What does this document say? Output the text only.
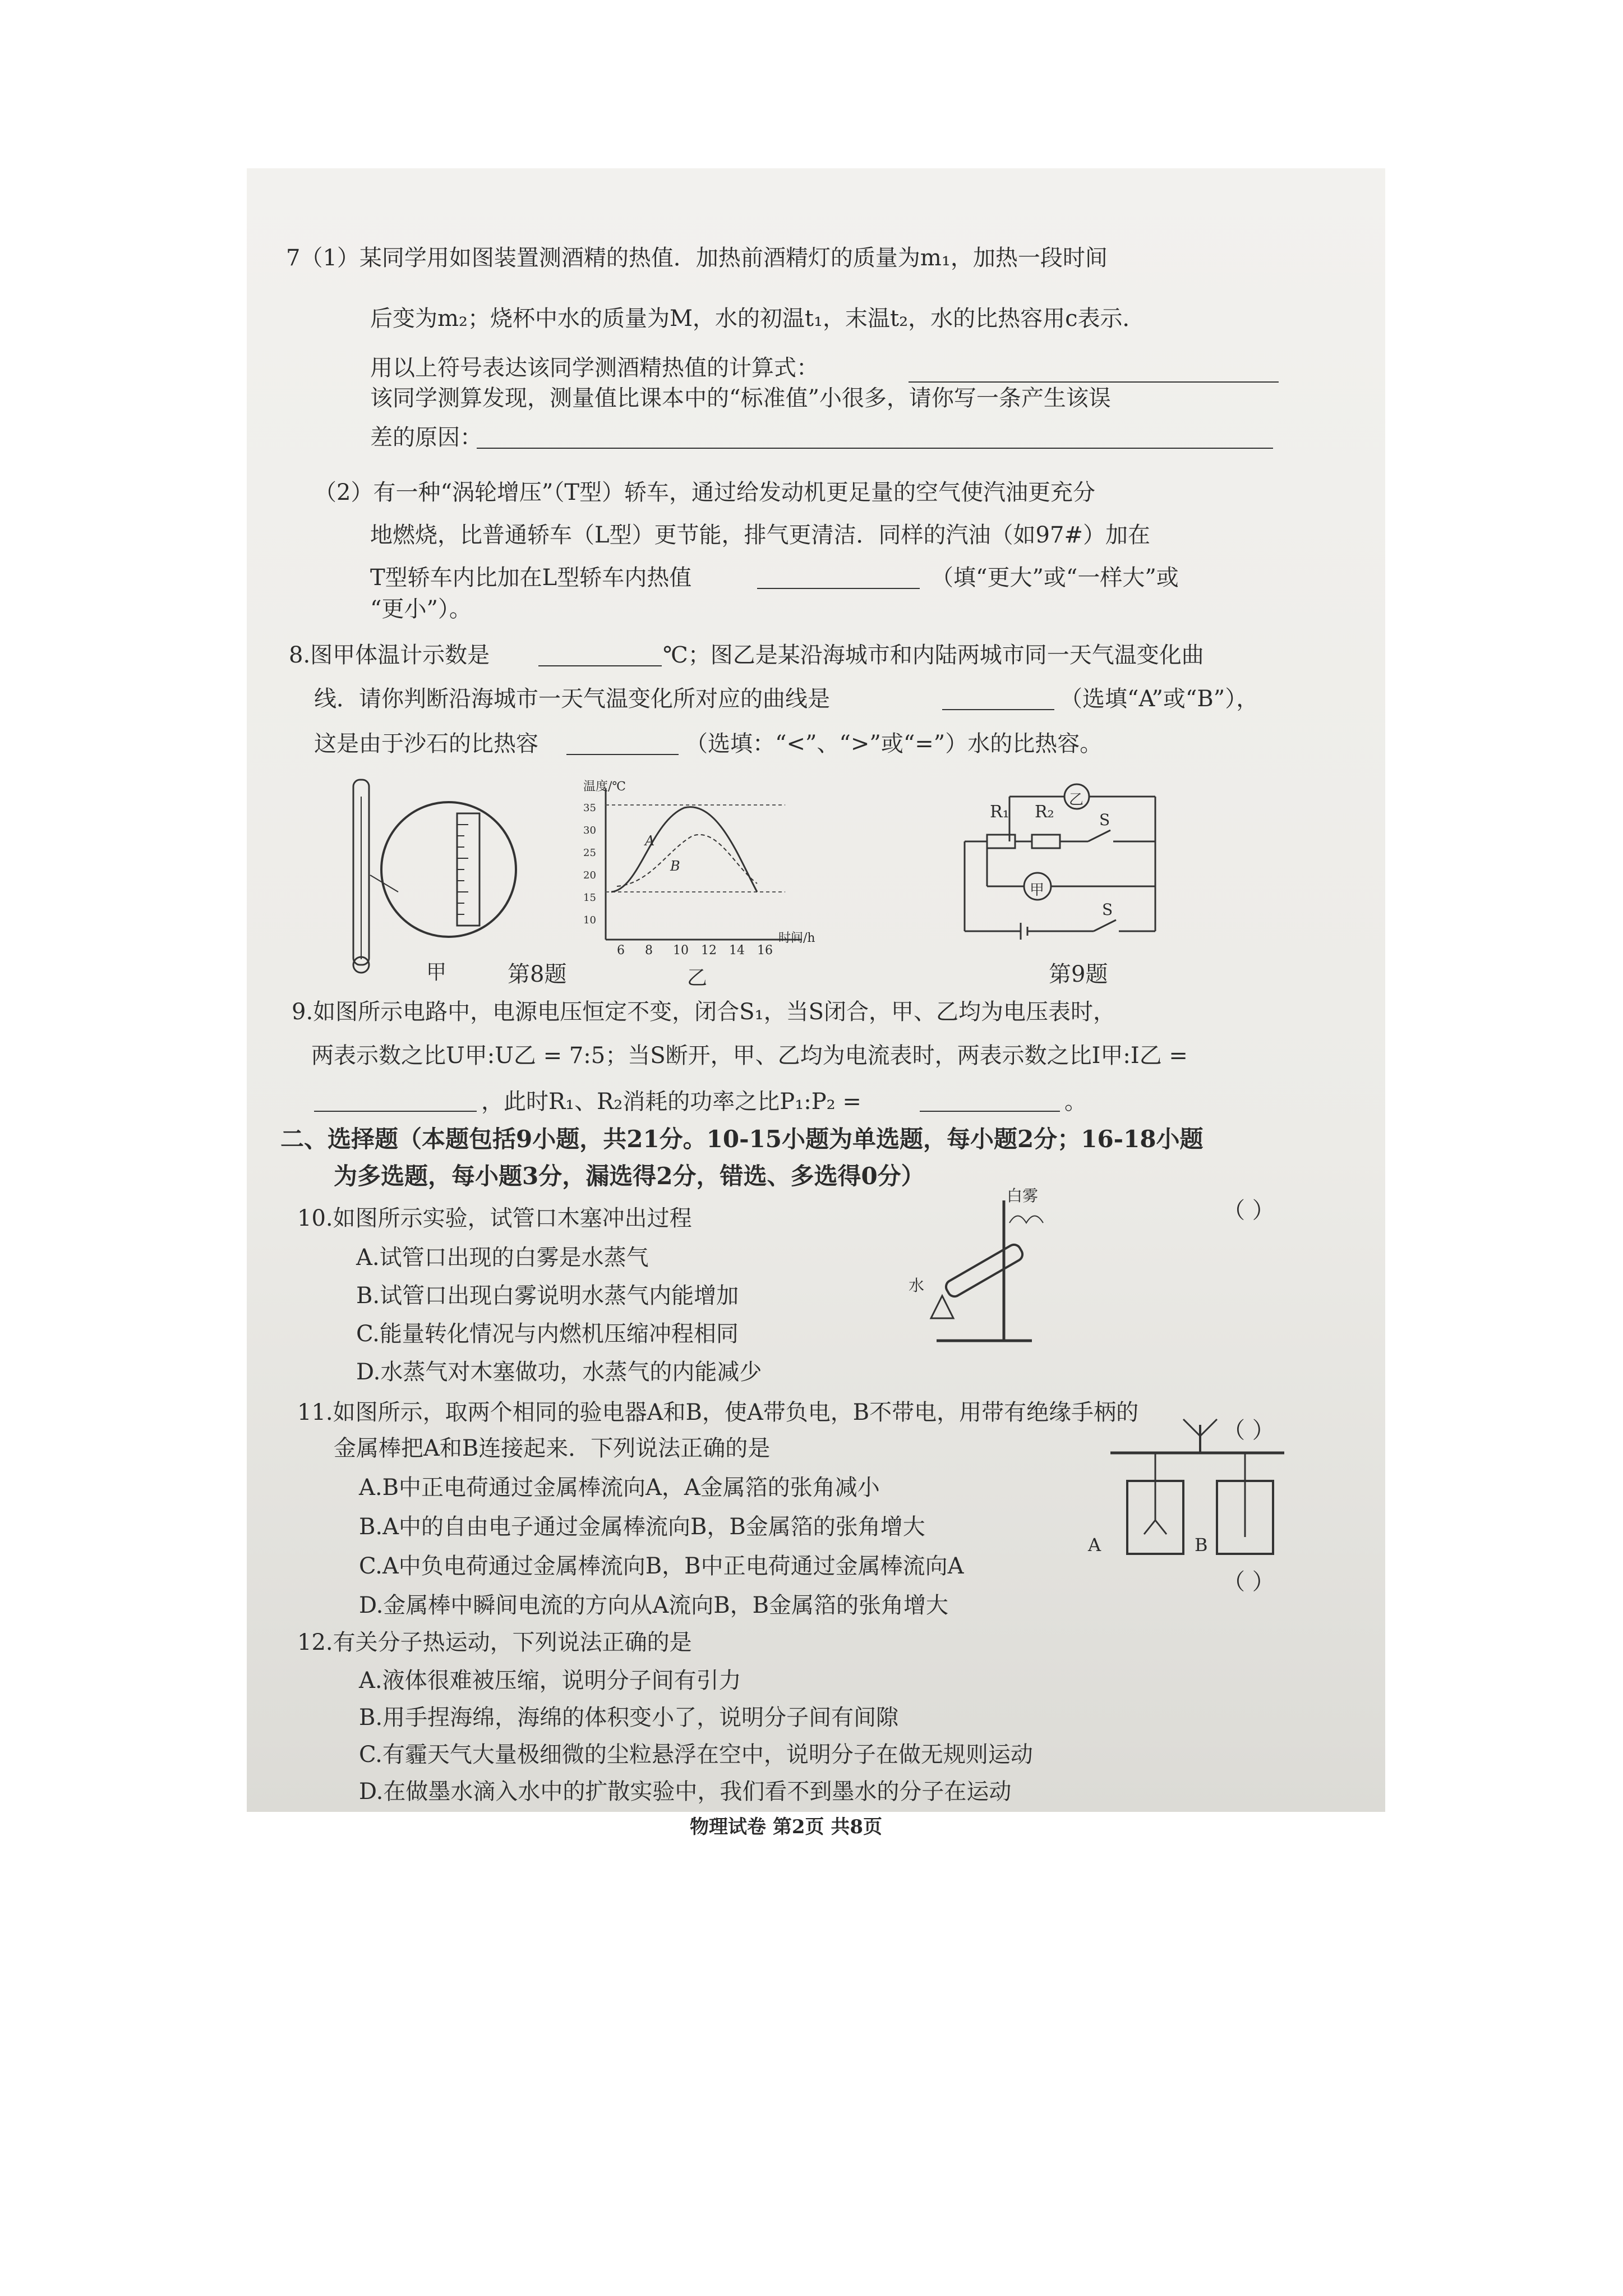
7（1）某同学用如图装置测酒精的热值．加热前酒精灯的质量为m₁，加热一段时间
后变为m₂；烧杯中水的质量为M，水的初温t₁，末温t₂，水的比热容用c表示．
用以上符号表达该同学测酒精热值的计算式：
该同学测算发现，测量值比课本中的“标准值”小很多，请你写一条产生该误
差的原因：
（2）有一种“涡轮增压”（T型）轿车，通过给发动机更足量的空气使汽油更充分
地燃烧，比普通轿车（L型）更节能，排气更清洁．同样的汽油（如97#）加在
T型轿车内比加在L型轿车内热值	（填“更大”或“一样大”或
“更小”）。
8.图甲体温计示数是	℃；图乙是某沿海城市和内陆两城市同一天气温变化曲
线．请你判断沿海城市一天气温变化所对应的曲线是	（选填“A”或“B”），
这是由于沙石的比热容	（选填：“<”、“>”或“=”）水的比热容。
甲
温度/℃
时间/h
35
30
25
20
15
10
6 8 10 12 14 16
A
B
第8题	乙
R₁ R₂
乙
甲
S
S
第9题
9.如图所示电路中，电源电压恒定不变，闭合S₁，当S闭合，甲、乙均为电压表时，
两表示数之比U甲:U乙 = 7:5；当S断开，甲、乙均为电流表时，两表示数之比I甲:I乙 =
，此时R₁、R₂消耗的功率之比P₁:P₂ =	。
二、选择题（本题包括9小题，共21分。10-15小题为单选题，每小题2分；16-18小题
为多选题，每小题3分，漏选得2分，错选、多选得0分）
10.如图所示实验，试管口木塞冲出过程	（ ）
A.试管口出现的白雾是水蒸气
B.试管口出现白雾说明水蒸气内能增加
C.能量转化情况与内燃机压缩冲程相同
D.水蒸气对木塞做功，水蒸气的内能减少
白雾
水
11.如图所示，取两个相同的验电器A和B，使A带负电，B不带电，用带有绝缘手柄的
金属棒把A和B连接起来．下列说法正确的是
（ ）
A.B中正电荷通过金属棒流向A，A金属箔的张角减小
B.A中的自由电子通过金属棒流向B，B金属箔的张角增大
C.A中负电荷通过金属棒流向B，B中正电荷通过金属棒流向A
D.金属棒中瞬间电流的方向从A流向B，B金属箔的张角增大
A	B
（ ）
12.有关分子热运动，下列说法正确的是
A.液体很难被压缩，说明分子间有引力
B.用手捏海绵，海绵的体积变小了，说明分子间有间隙
C.有霾天气大量极细微的尘粒悬浮在空中，说明分子在做无规则运动
D.在做墨水滴入水中的扩散实验中，我们看不到墨水的分子在运动
物理试卷 第2页 共8页
